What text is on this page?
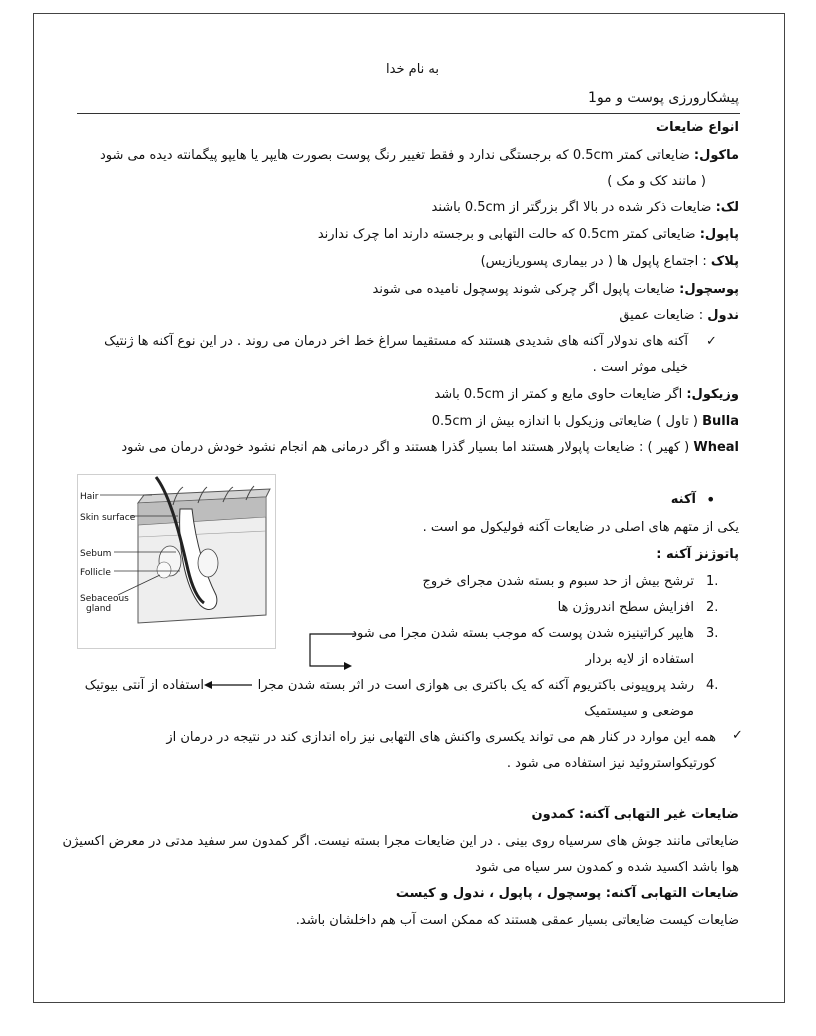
به نام خدا
پیشکارورزی پوست و مو1
انواع ضایعات
ماکول: ضایعاتی کمتر 0.5cm که برجستگی ندارد و فقط تغییر رنگ پوست بصورت هایپر یا هایپو پیگمانته دیده می شود
( مانند کک و مک )
لک: ضایعات ذکر شده در بالا اگر بزرگتر از 0.5cm باشند
پاپول: ضایعاتی کمتر 0.5cm که حالت التهابی و برجسته دارند اما چرک ندارند
پلاک : اجتماع پاپول ها ( در بیماری پسوریازیس)
پوسچول: ضایعات پاپول اگر چرکی شوند پوسچول نامیده می شوند
ندول : ضایعات عمیق
✓
آکنه های ندولار آکنه های شدیدی هستند که مستقیما سراغ خط اخر درمان می روند . در این نوع آکنه ها ژنتیک
خیلی موثر است .
وزیکول: اگر ضایعات حاوی مایع و کمتر از 0.5cm باشد
Bulla ( تاول ) ضایعاتی وزیکول با اندازه بیش از 0.5cm
Wheal ( کهیر ) : ضایعات پاپولار هستند اما بسیار گذرا هستند و اگر درمانی هم انجام نشود خودش درمان می شود
Hair
Skin surface
Sebum
Follicle
Sebaceous
gland
•
آکنه
یکی از متهم های اصلی در ضایعات آکنه فولیکول مو است .
پاتوژنز آکنه :
1.
ترشح بیش از حد سبوم و بسته شدن مجرای خروج
2.
افزایش سطح اندروژن ها
3.
هایپر کراتینیزه شدن پوست که موجب بسته شدن مجرا می شود
استفاده از لایه بردار
4.
رشد پروپیونی باکتریوم آکنه که یک باکتری بی هوازی است در اثر بسته شدن مجرا
استفاده از آنتی بیوتیک
موضعی و سیستمیک
✓
همه این موارد در کنار هم می تواند یکسری واکنش های التهابی نیز راه اندازی کند در نتیجه در درمان از
کورتیکواستروئید نیز استفاده می شود .
ضایعات غیر التهابی آکنه: کمدون
ضایعاتی مانند جوش های سرسیاه روی بینی . در این ضایعات مجرا بسته نیست. اگر کمدون سر سفید مدتی در معرض اکسیژن
هوا باشد اکسید شده و کمدون سر سیاه می شود
ضایعات التهابی آکنه: پوسچول ، پاپول ، ندول و کیست
ضایعات کیست ضایعاتی بسیار عمقی هستند که ممکن است آب هم داخلشان باشد.
